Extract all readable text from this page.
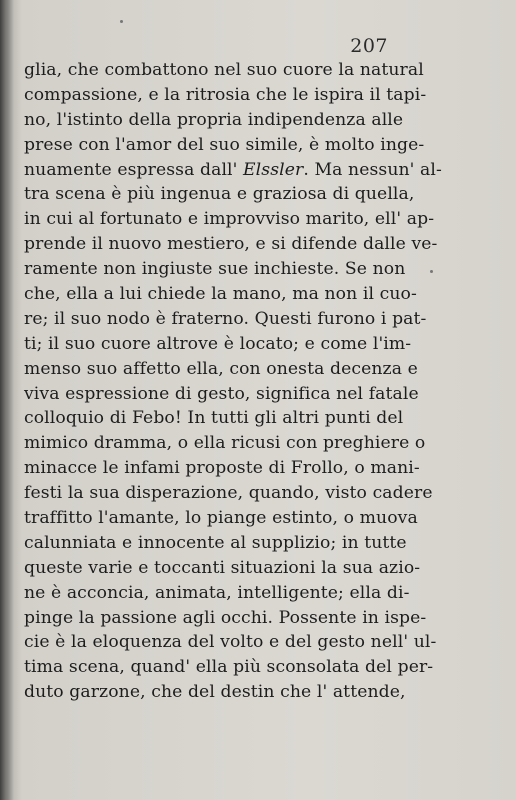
207
glia, che combattono nel suo cuore la natural
compassione, e la ritrosia che le ispira il tapi-
no, l'istinto della propria indipendenza alle
prese con l'amor del suo simile, è molto inge-
nuamente espressa dall' Elssler. Ma nessun' al-
tra scena è più ingenua e graziosa di quella,
in cui al fortunato e improvviso marito, ell' ap-
prende il nuovo mestiero, e si difende dalle ve-
ramente non ingiuste sue inchieste. Se non
che, ella a lui chiede la mano, ma non il cuo-
re; il suo nodo è fraterno. Questi furono i pat-
ti; il suo cuore altrove è locato; e come l'im-
menso suo affetto ella, con onesta decenza e
viva espressione di gesto, significa nel fatale
colloquio di Febo! In tutti gli altri punti del
mimico dramma, o ella ricusi con preghiere o
minacce le infami proposte di Frollo, o mani-
festi la sua disperazione, quando, visto cadere
traffitto l'amante, lo piange estinto, o muova
calunniata e innocente al supplizio; in tutte
queste varie e toccanti situazioni la sua azio-
ne è acconcia, animata, intelligente; ella di-
pinge la passione agli occhi. Possente in ispe-
cie è la eloquenza del volto e del gesto nell' ul-
tima scena, quand' ella più sconsolata del per-
duto garzone, che del destin che l' attende,
